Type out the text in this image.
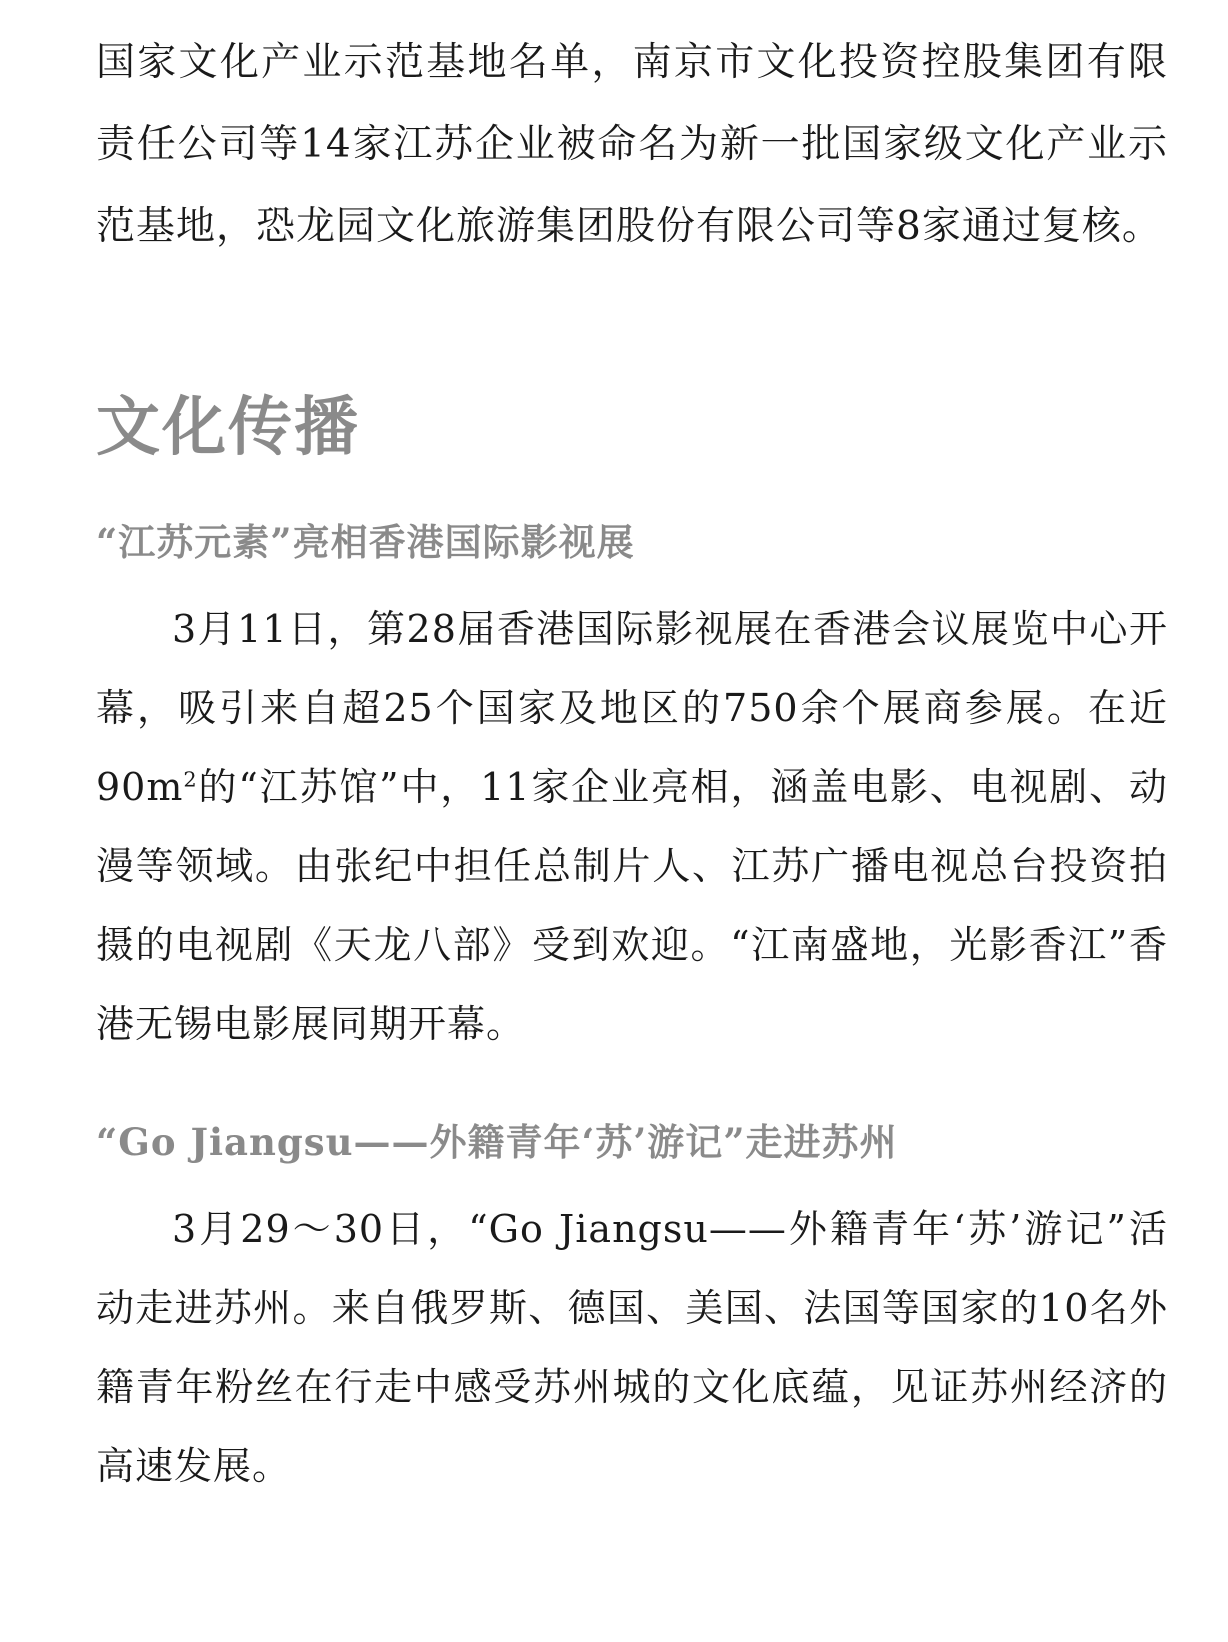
国家文化产业示范基地名单，南京市文化投资控股集团有限责任公司等14家江苏企业被命名为新一批国家级文化产业示范基地，恐龙园文化旅游集团股份有限公司等8家通过复核。

文化传播
“江苏元素”亮相香港国际影视展

3月11日，第28届香港国际影视展在香港会议展览中心开幕，吸引来自超25个国家及地区的750余个展商参展。在近$90m^2$的“江苏馆”中，11家企业亮相，涵盖电影、电视剧、动漫等领域。由张纪中担任总制片人、江苏广播电视总台投资拍摄的电视剧《天龙八部》受到欢迎。“江南盛地，光影香江”香港无锡电影展同期开幕。

“Go Jiangsu——外籍青年‘苏’游记”走进苏州

3月29～30日，“Go Jiangsu——外籍青年‘苏’游记”活动走进苏州。来自俄罗斯、德国、美国、法国等国家的10名外籍青年粉丝在行走中感受苏州城的文化底蕴，见证苏州经济的高速发展。
